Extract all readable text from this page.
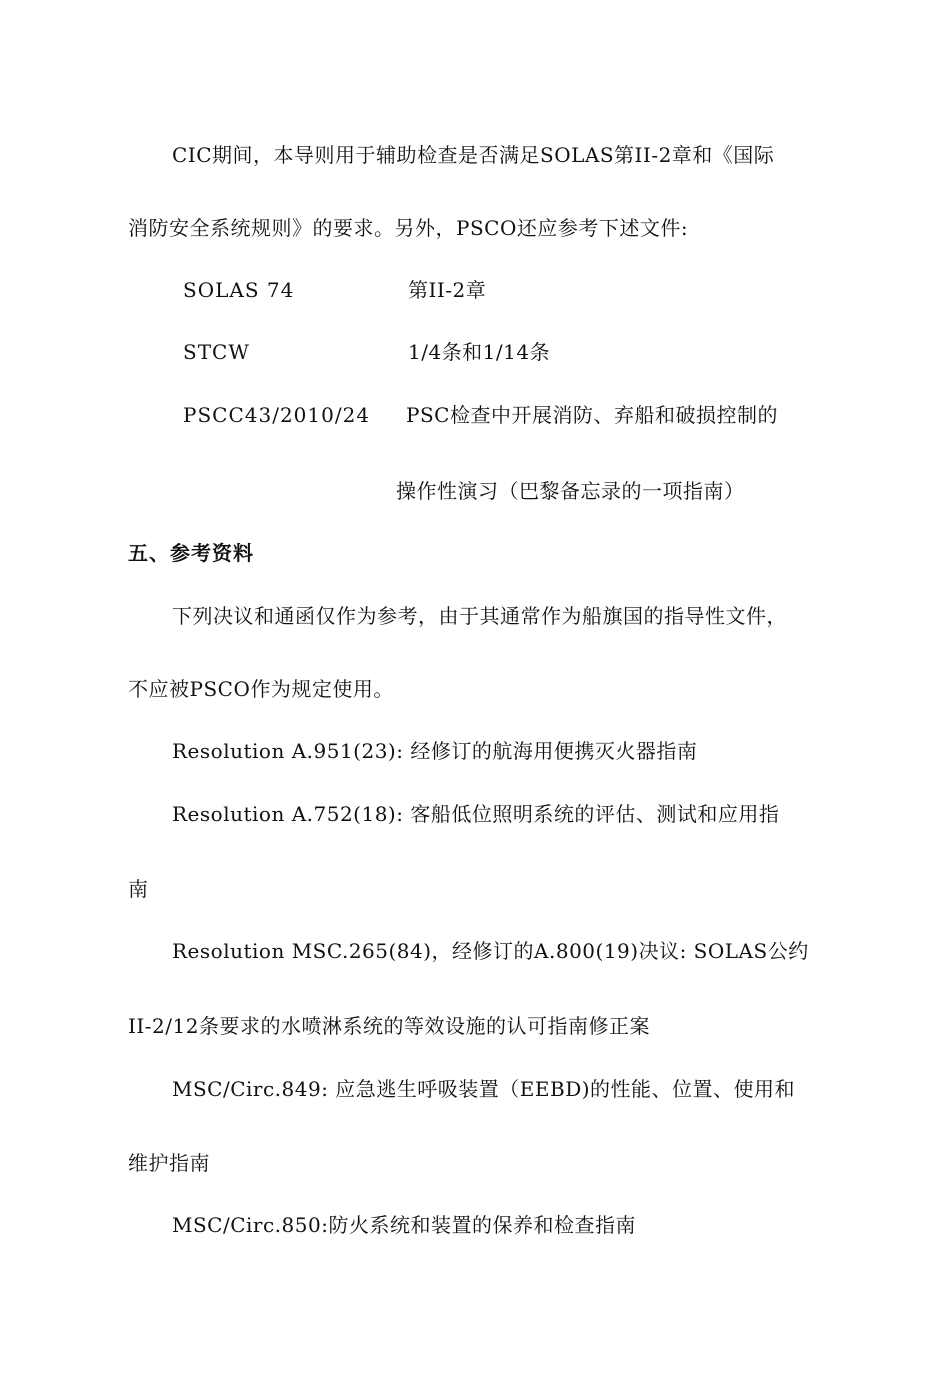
CIC期间，本导则用于辅助检查是否满足SOLAS第II-2章和《国际
消防安全系统规则》的要求。另外，PSCO还应参考下述文件:
SOLAS 74	第II-2章
STCW	1/4条和1/14条
PSCC43/2010/24 PSC检查中开展消防、弃船和破损控制的
操作性演习（巴黎备忘录的一项指南）
五、参考资料
下列决议和通函仅作为参考，由于其通常作为船旗国的指导性文件，
不应被PSCO作为规定使用。
Resolution A.951(23): 经修订的航海用便携灭火器指南
Resolution A.752(18): 客船低位照明系统的评估、测试和应用指
南
Resolution MSC.265(84)，经修订的A.800(19)决议: SOLAS公约
II-2/12条要求的水喷淋系统的等效设施的认可指南修正案
MSC/Circ.849: 应急逃生呼吸装置（EEBD)的性能、位置、使用和
维护指南
MSC/Circ.850:防火系统和装置的保养和检查指南
